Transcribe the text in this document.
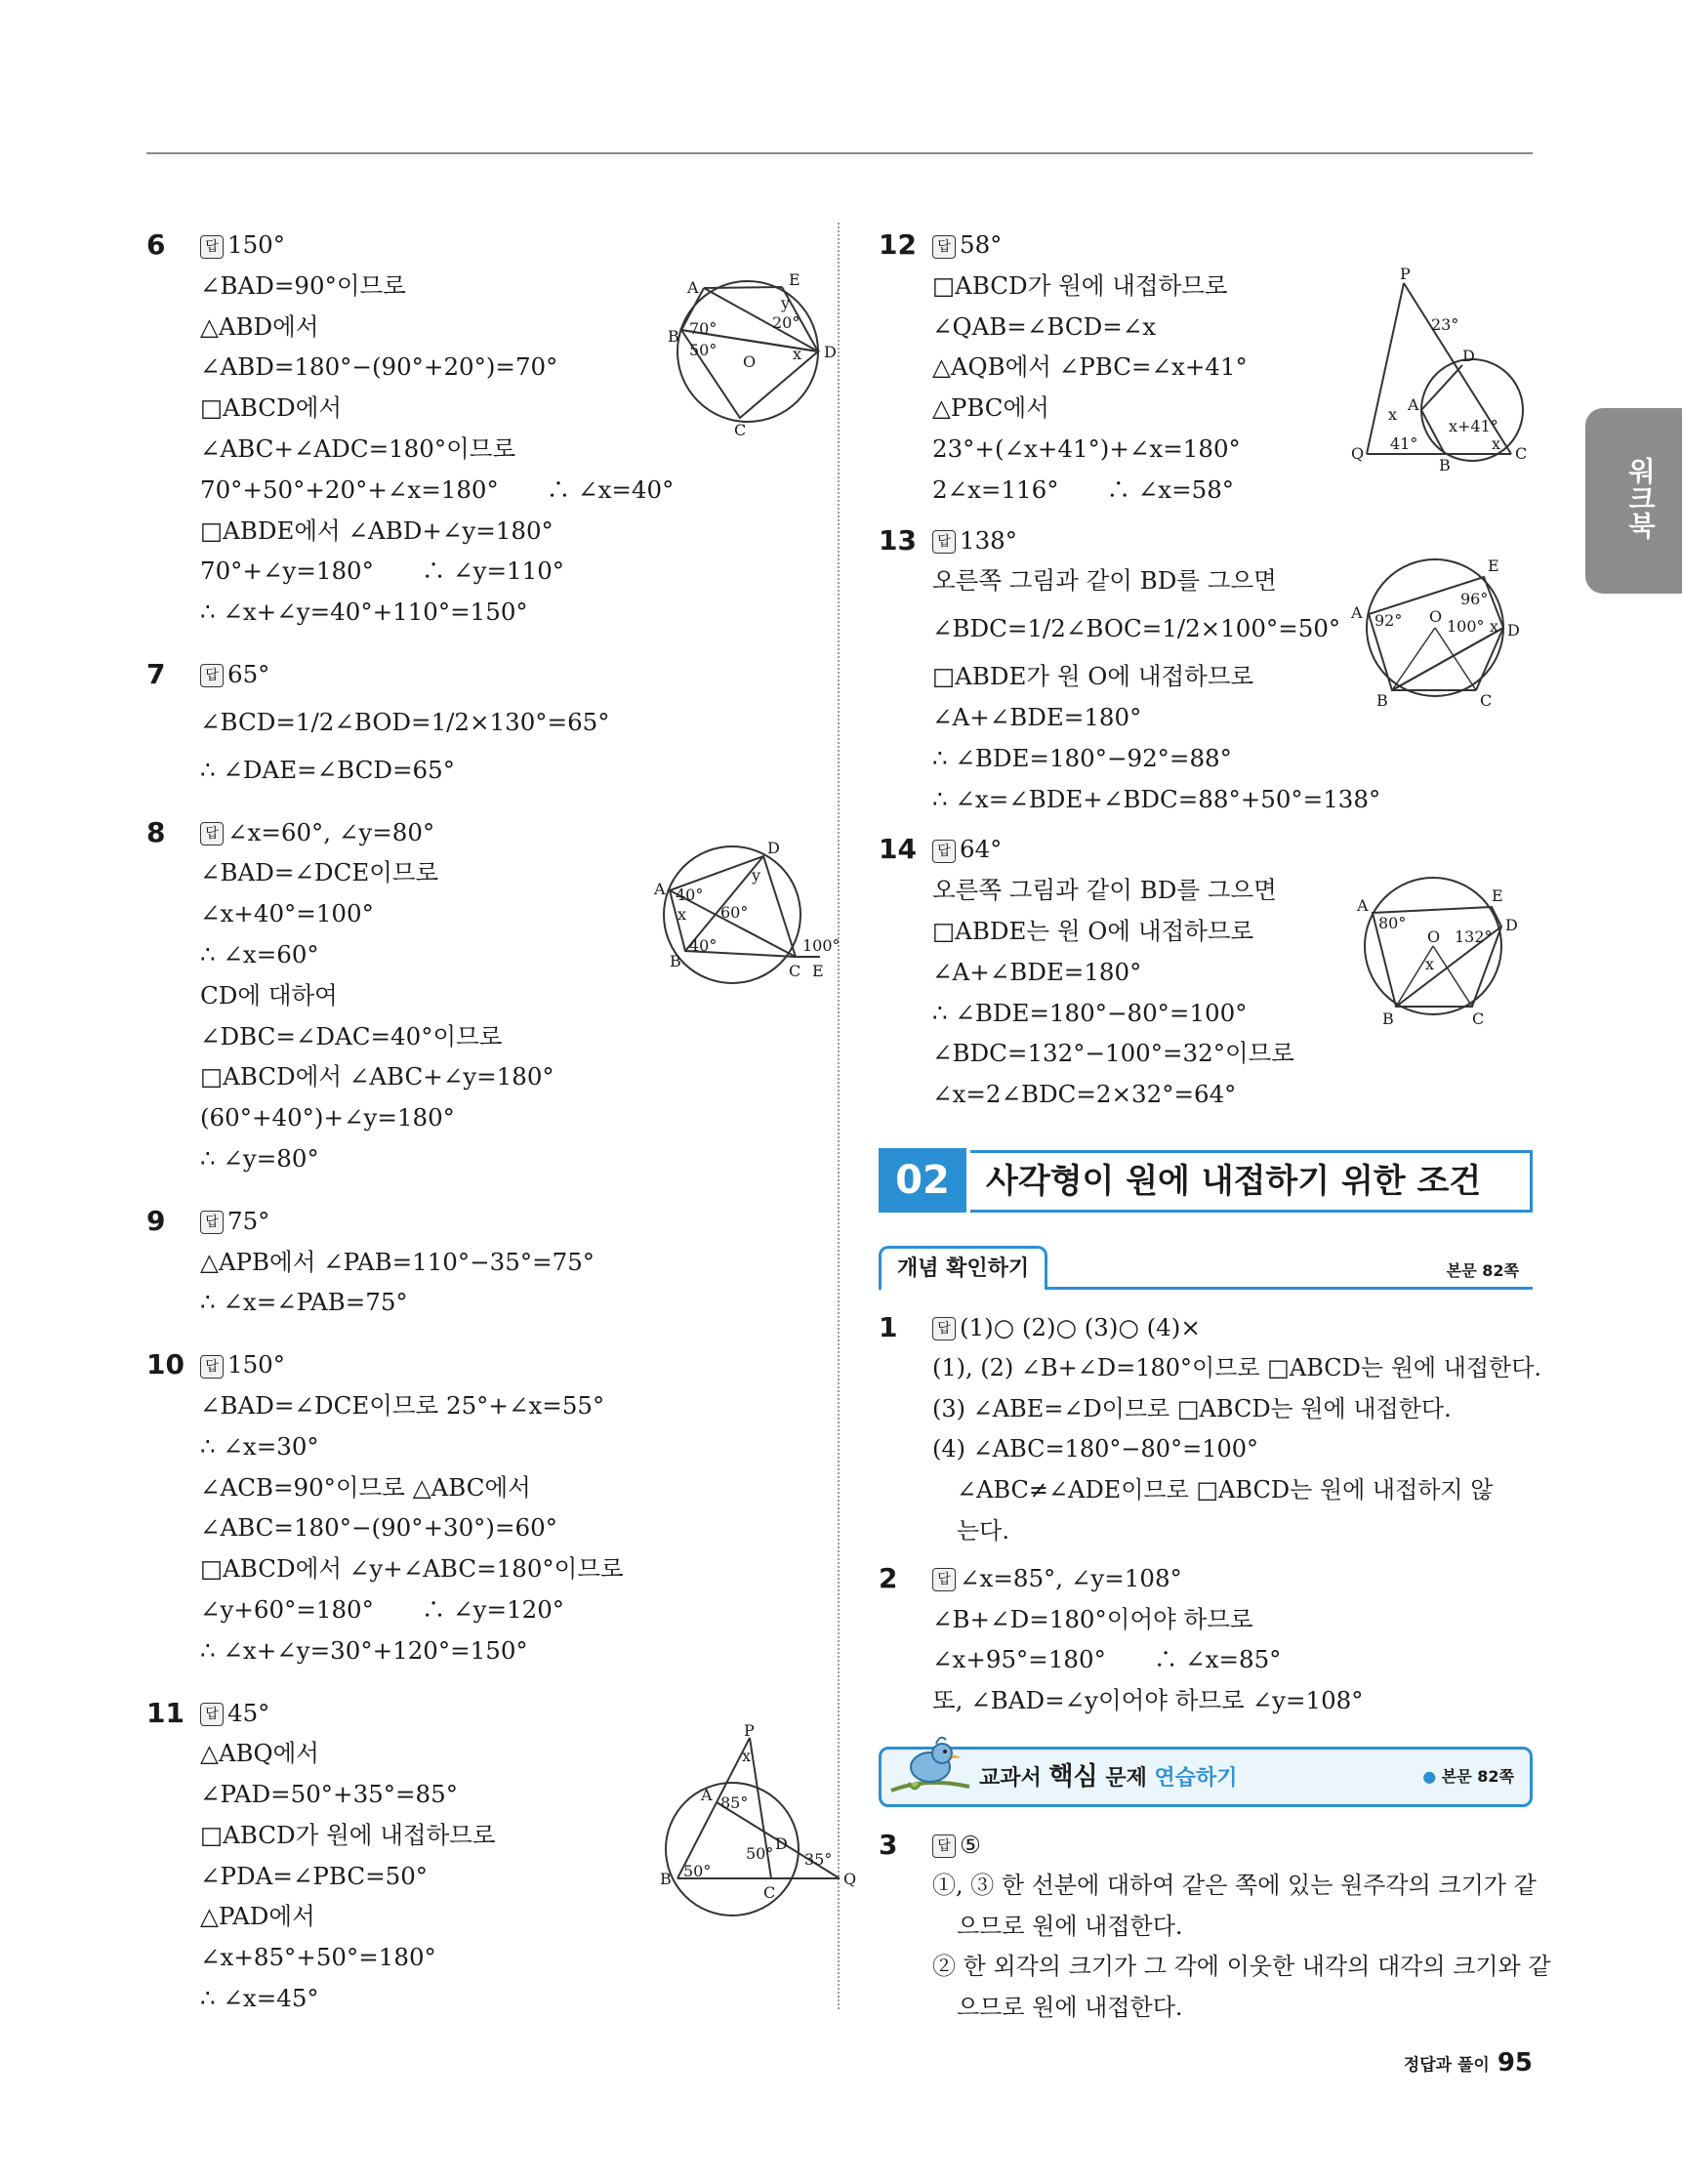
워크북
6	답 150°
∠BAD=90°이므로
△ABD에서
∠ABD=180°−(90°+20°)=70°
□ABCD에서
∠ABC+∠ADC=180°이므로
70°+50°+20°+∠x=180°　　∴ ∠x=40°
□ABDE에서 ∠ABD+∠y=180°
70°+∠y=180°　　∴ ∠y=110°
∴ ∠x+∠y=40°+110°=150°
A	E
B
D
C
O
70°
50°
y
20°
x
7	답 65°
∠BCD=1/2∠BOD=1/2×130°=65°
∴ ∠DAE=∠BCD=65°
8	답 ∠x=60°, ∠y=80°
∠BAD=∠DCE이므로
∠x+40°=100°
∴ ∠x=60°
CD에 대하여
∠DBC=∠DAC=40°이므로
□ABCD에서 ∠ABC+∠y=180°
(60°+40°)+∠y=180°
∴ ∠y=80°
A
D
B
C E
40°
x
40°
y
60°
100°
9	답 75°
△APB에서 ∠PAB=110°−35°=75°
∴ ∠x=∠PAB=75°
10	답 150°
∠BAD=∠DCE이므로 25°+∠x=55°
∴ ∠x=30°
∠ACB=90°이므로 △ABC에서
∠ABC=180°−(90°+30°)=60°
□ABCD에서 ∠y+∠ABC=180°이므로
∠y+60°=180°　　∴ ∠y=120°
∴ ∠x+∠y=30°+120°=150°
11	답 45°
△ABQ에서
∠PAD=50°+35°=85°
□ABCD가 원에 내접하므로
∠PDA=∠PBC=50°
△PAD에서
∠x+85°+50°=180°
∴ ∠x=45°
P
A
B
D
C
Q
x
85°
50°
50° 35°
12	답 58°
□ABCD가 원에 내접하므로
∠QAB=∠BCD=∠x
△AQB에서 ∠PBC=∠x+41°
△PBC에서
23°+(∠x+41°)+∠x=180°
2∠x=116°　　∴ ∠x=58°
P
D
A
Q
B
C
23°
x
41°
x+41°
x
13	답 138°
오른쪽 그림과 같이 BD를 그으면
∠BDC=1/2∠BOC=1/2×100°=50°
□ABDE가 원 O에 내접하므로
∠A+∠BDE=180°
∴ ∠BDE=180°−92°=88°
∴ ∠x=∠BDE+∠BDC=88°+50°=138°
A
E
D
B	C
O
92°
96°
100° x
14	답 64°
오른쪽 그림과 같이 BD를 그으면
□ABDE는 원 O에 내접하므로
∠A+∠BDE=180°
∴ ∠BDE=180°−80°=100°
∠BDC=132°−100°=32°이므로
∠x=2∠BDC=2×32°=64°
A
E
D
B	C
O
80°
132°
x
02	사각형이 원에 내접하기 위한 조건
개념 확인하기	본문 82쪽
1	답 (1)○ (2)○ (3)○ (4)×
(1), (2) ∠B+∠D=180°이므로 □ABCD는 원에 내접한다.
(3) ∠ABE=∠D이므로 □ABCD는 원에 내접한다.
(4) ∠ABC=180°−80°=100°
∠ABC≠∠ADE이므로 □ABCD는 원에 내접하지 않
는다.
2	답 ∠x=85°, ∠y=108°
∠B+∠D=180°이어야 하므로
∠x+95°=180°　　∴ ∠x=85°
또, ∠BAD=∠y이어야 하므로 ∠y=108°
교과서 핵심 문제 연습하기	● 본문 82쪽
3	답 ⑤
①, ③ 한 선분에 대하여 같은 쪽에 있는 원주각의 크기가 같
으므로 원에 내접한다.
② 한 외각의 크기가 그 각에 이웃한 내각의 대각의 크기와 같
으므로 원에 내접한다.
정답과 풀이 95
